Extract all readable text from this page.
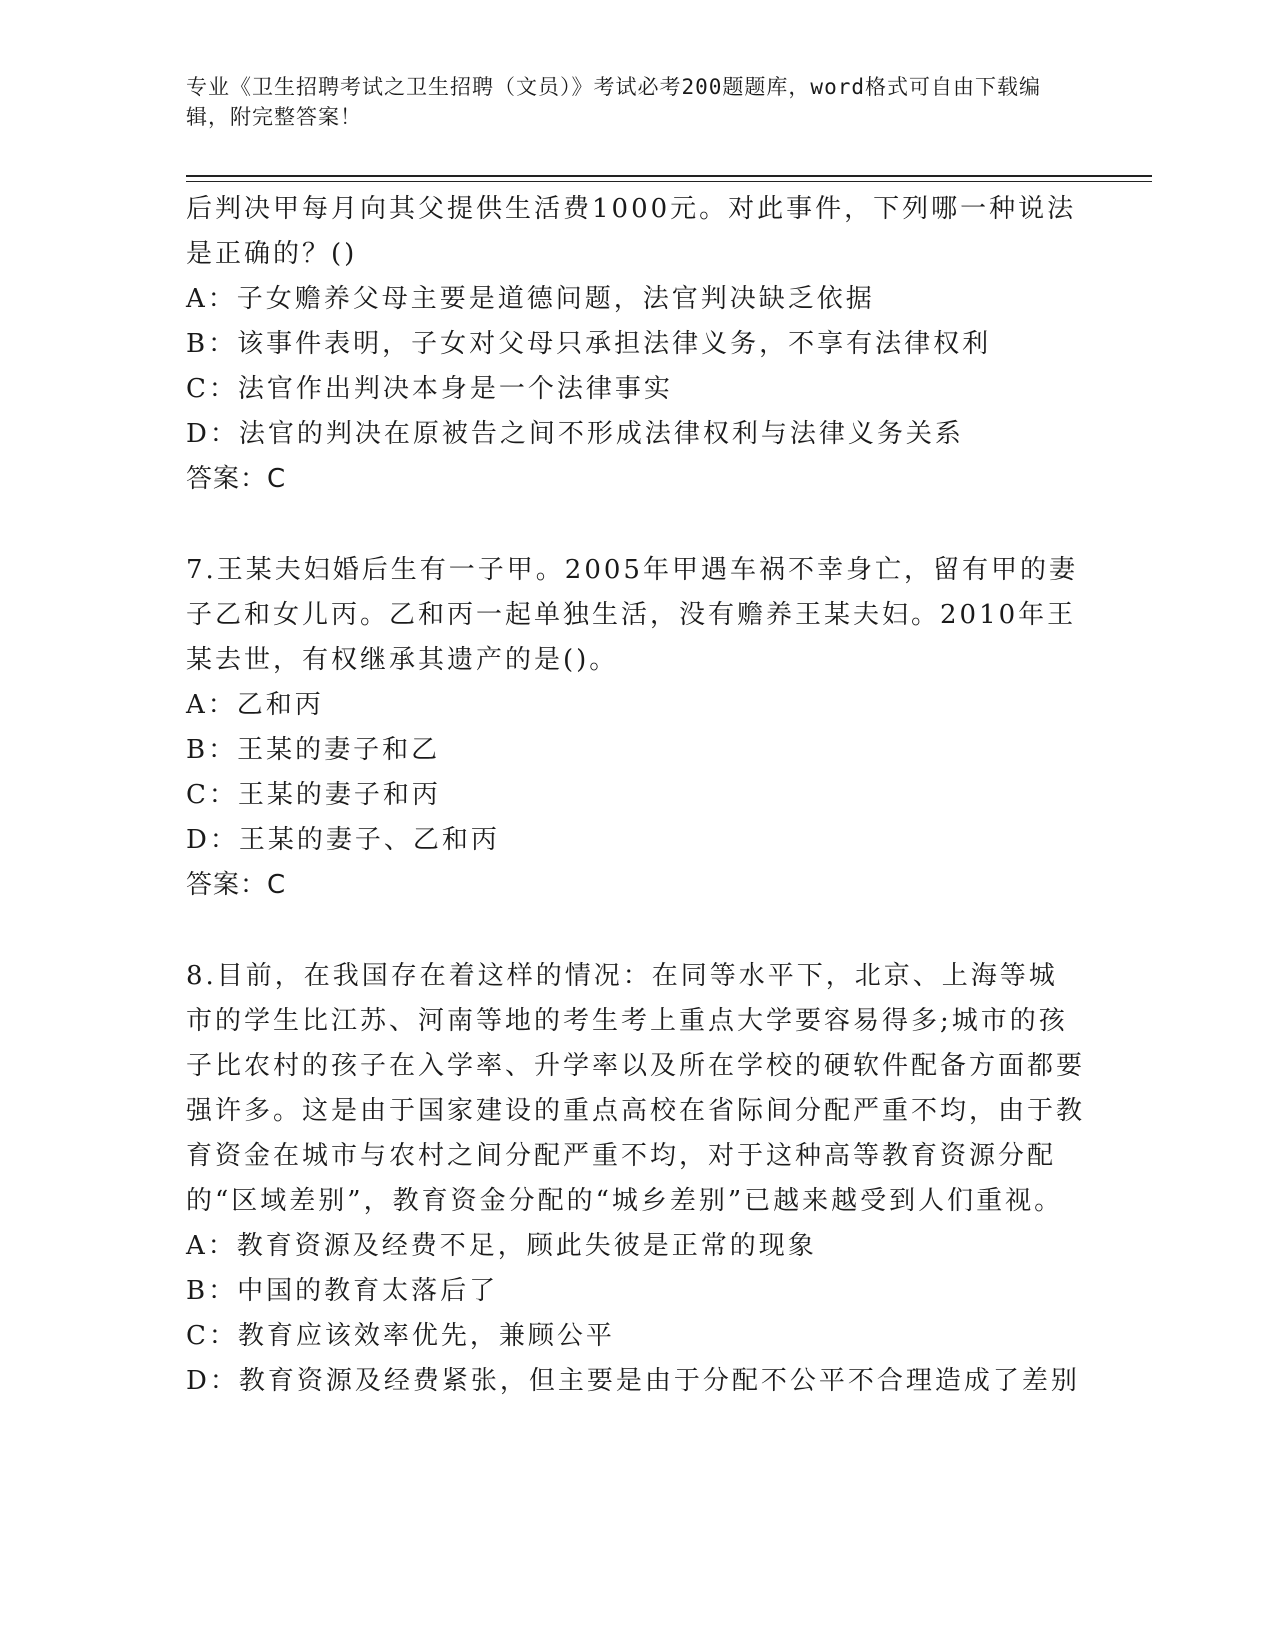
专业《卫生招聘考试之卫生招聘（文员）》考试必考200题题库，word格式可自由下载编辑，附完整答案！

后判决甲每月向其父提供生活费1000元。对此事件，下列哪一种说法是正确的？()

A：子女赡养父母主要是道德问题，法官判决缺乏依据

B：该事件表明，子女对父母只承担法律义务，不享有法律权利

C：法官作出判决本身是一个法律事实

D：法官的判决在原被告之间不形成法律权利与法律义务关系

答案：C

7.王某夫妇婚后生有一子甲。2005年甲遇车祸不幸身亡，留有甲的妻子乙和女儿丙。乙和丙一起单独生活，没有赡养王某夫妇。2010年王某去世，有权继承其遗产的是()。

A：乙和丙

B：王某的妻子和乙

C：王某的妻子和丙

D：王某的妻子、乙和丙

答案：C

8.目前，在我国存在着这样的情况：在同等水平下，北京、上海等城市的学生比江苏、河南等地的考生考上重点大学要容易得多;城市的孩子比农村的孩子在入学率、升学率以及所在学校的硬软件配备方面都要强许多。这是由于国家建设的重点高校在省际间分配严重不均，由于教育资金在城市与农村之间分配严重不均，对于这种高等教育资源分配的“区域差别”，教育资金分配的“城乡差别”已越来越受到人们重视。

A：教育资源及经费不足，顾此失彼是正常的现象

B：中国的教育太落后了

C：教育应该效率优先，兼顾公平

D：教育资源及经费紧张，但主要是由于分配不公平不合理造成了差别
